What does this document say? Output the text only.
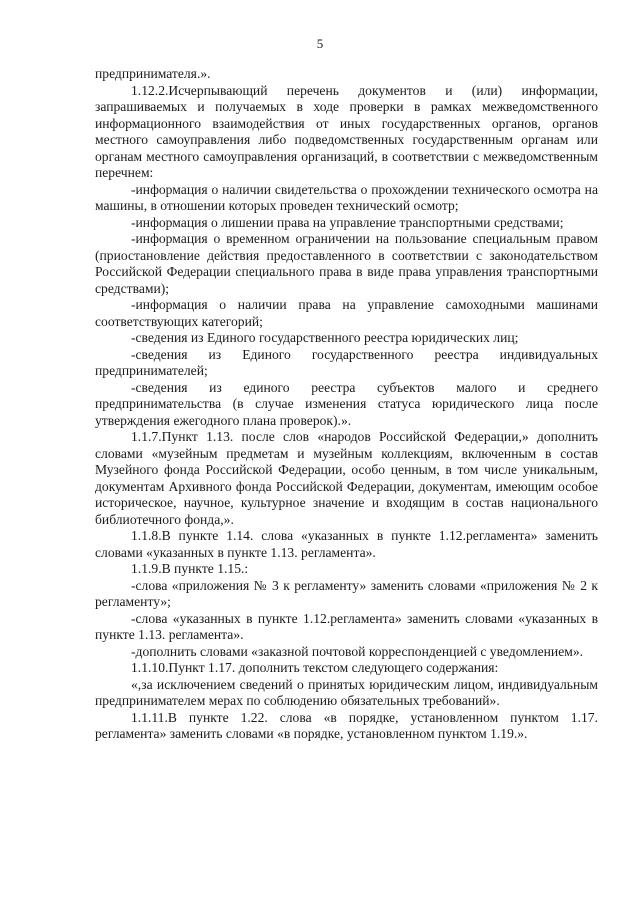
5

предпринимателя.».

1.12.2.Исчерпывающий перечень документов и (или) информации, запрашиваемых и получаемых в ходе проверки в рамках межведомственного информационного взаимодействия от иных государственных органов, органов местного самоуправления либо подведомственных государственным органам или органам местного самоуправления организаций, в соответствии с межведомственным перечнем:

-информация о наличии свидетельства о прохождении технического осмотра на машины, в отношении которых проведен технический осмотр;

-информация о лишении права на управление транспортными средствами;

-информация о временном ограничении на пользование специальным правом (приостановление действия предоставленного в соответствии с законодательством Российской Федерации специального права в виде права управления транспортными средствами);

-информация о наличии права на управление самоходными машинами соответствующих категорий;

-сведения из Единого государственного реестра юридических лиц;

-сведения из Единого государственного реестра индивидуальных предпринимателей;

-сведения из единого реестра субъектов малого и среднего предпринимательства (в случае изменения статуса юридического лица после утверждения ежегодного плана проверок).».

1.1.7.Пункт 1.13. после слов «народов Российской Федерации,» дополнить словами «музейным предметам и музейным коллекциям, включенным в состав Музейного фонда Российской Федерации, особо ценным, в том числе уникальным, документам Архивного фонда Российской Федерации, документам, имеющим особое историческое, научное, культурное значение и входящим в состав национального библиотечного фонда,».

1.1.8.В пункте 1.14. слова «указанных в пункте 1.12.регламента» заменить словами «указанных в пункте 1.13. регламента».

1.1.9.В пункте 1.15.:

-слова «приложения № 3 к регламенту» заменить словами «приложения № 2 к регламенту»;

-слова «указанных в пункте 1.12.регламента» заменить словами «указанных в пункте 1.13. регламента».

-дополнить словами «заказной почтовой корреспонденцией с уведомлением».

1.1.10.Пункт 1.17. дополнить текстом следующего содержания:

«,за исключением сведений о принятых юридическим лицом, индивидуальным предпринимателем мерах по соблюдению обязательных требований».

1.1.11.В пункте 1.22. слова «в порядке, установленном пунктом 1.17. регламента» заменить словами «в порядке, установленном пунктом 1.19.».
